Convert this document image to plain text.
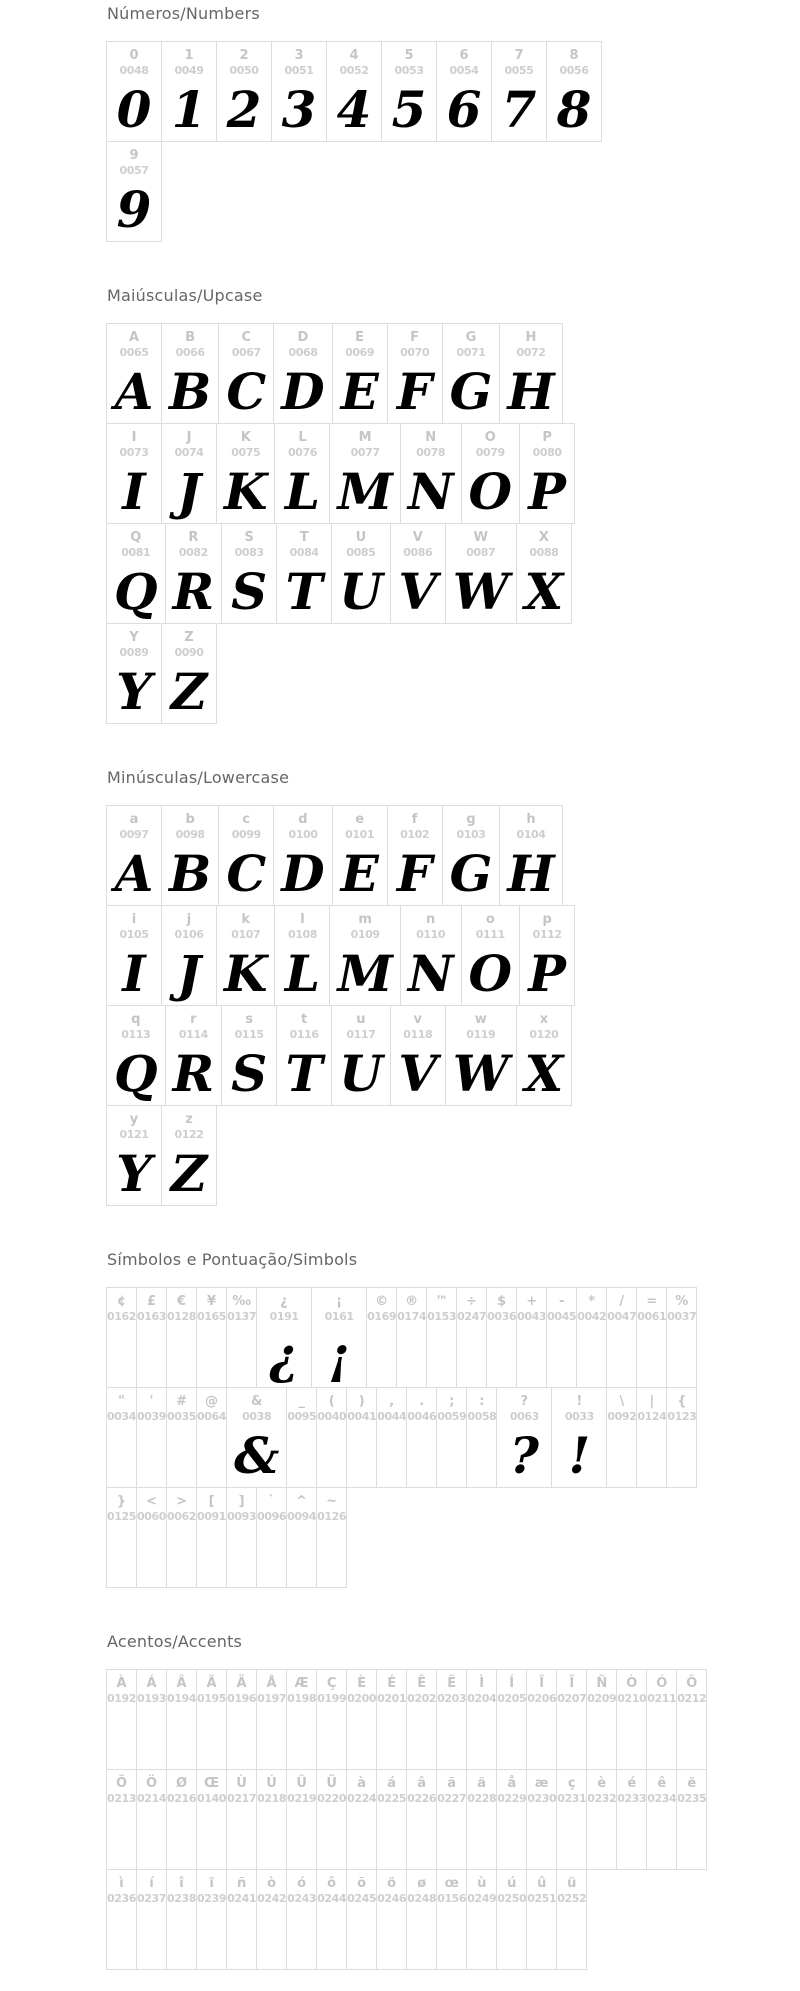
Números/Numbers
0
0048
0
1
0049
1
2
0050
2
3
0051
3
4
0052
4
5
0053
5
6
0054
6
7
0055
7
8
0056
8
9
0057
9
Maiúsculas/Upcase
A
0065
A
B
0066
B
C
0067
C
D
0068
D
E
0069
E
F
0070
F
G
0071
G
H
0072
H
I
0073
I
J
0074
J
K
0075
K
L
0076
L
M
0077
M
N
0078
N
O
0079
O
P
0080
P
Q
0081
Q
R
0082
R
S
0083
S
T
0084
T
U
0085
U
V
0086
V
W
0087
W
X
0088
X
Y
0089
Y
Z
0090
Z
Minúsculas/Lowercase
a
0097
A
b
0098
B
c
0099
C
d
0100
D
e
0101
E
f
0102
F
g
0103
G
h
0104
H
i
0105
I
j
0106
J
k
0107
K
l
0108
L
m
0109
M
n
0110
N
o
0111
O
p
0112
P
q
0113
Q
r
0114
R
s
0115
S
t
0116
T
u
0117
U
v
0118
V
w
0119
W
x
0120
X
y
0121
Y
z
0122
Z
Símbolos e Pontuação/Simbols
¢
0162
£
0163
€
0128
¥
0165
‰
0137
¿
0191
¿
¡
0161
¡
©
0169
®
0174
™
0153
÷
0247
$
0036
+
0043
-
0045
*
0042
/
0047
=
0061
%
0037
"
0034
'
0039
#
0035
@
0064
&
0038
&
_
0095
(
0040
)
0041
,
0044
.
0046
;
0059
:
0058
?
0063
?
!
0033
!
\
0092
|
0124
{
0123
}
0125
<
0060
>
0062
[
0091
]
0093
`
0096
^
0094
~
0126
Acentos/Accents
À
0192
Á
0193
Â
0194
Ã
0195
Ä
0196
Å
0197
Æ
0198
Ç
0199
È
0200
É
0201
Ê
0202
Ë
0203
Ì
0204
Í
0205
Î
0206
Ï
0207
Ñ
0209
Ò
0210
Ó
0211
Ô
0212
Õ
0213
Ö
0214
Ø
0216
Œ
0140
Ù
0217
Ú
0218
Û
0219
Ü
0220
à
0224
á
0225
â
0226
ã
0227
ä
0228
å
0229
æ
0230
ç
0231
è
0232
é
0233
ê
0234
ë
0235
ì
0236
í
0237
î
0238
ï
0239
ñ
0241
ò
0242
ó
0243
ô
0244
õ
0245
ö
0246
ø
0248
œ
0156
ù
0249
ú
0250
û
0251
ü
0252
